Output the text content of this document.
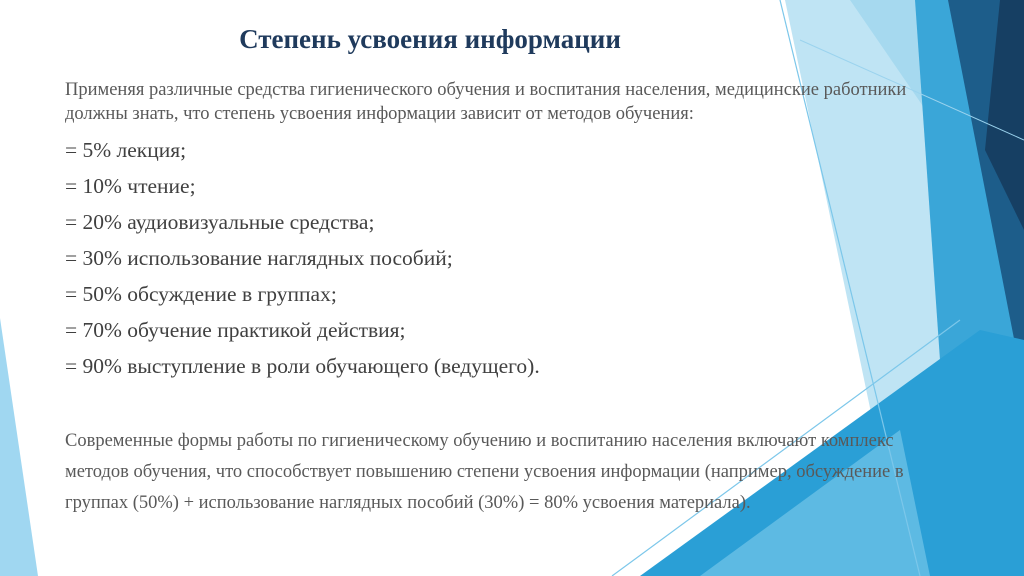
Степень усвоения информации

Применяя различные средства гигиенического обучения и воспитания населения, медицинские работники должны знать, что степень усвоения информации зависит от методов обучения:

= 5% лекция;
= 10% чтение;
= 20% аудиовизуальные средства;
= 30% использование наглядных пособий;
= 50% обсуждение в группах;
= 70% обучение практикой действия;
= 90% выступление в роли обучающего (ведущего).

Современные формы работы по гигиеническому обучению и воспитанию населения включают комплекс методов обучения, что способствует повышению степени усвоения информации (например, обсуждение в группах (50%) + использование наглядных пособий (30%) = 80% усвоения материала).
